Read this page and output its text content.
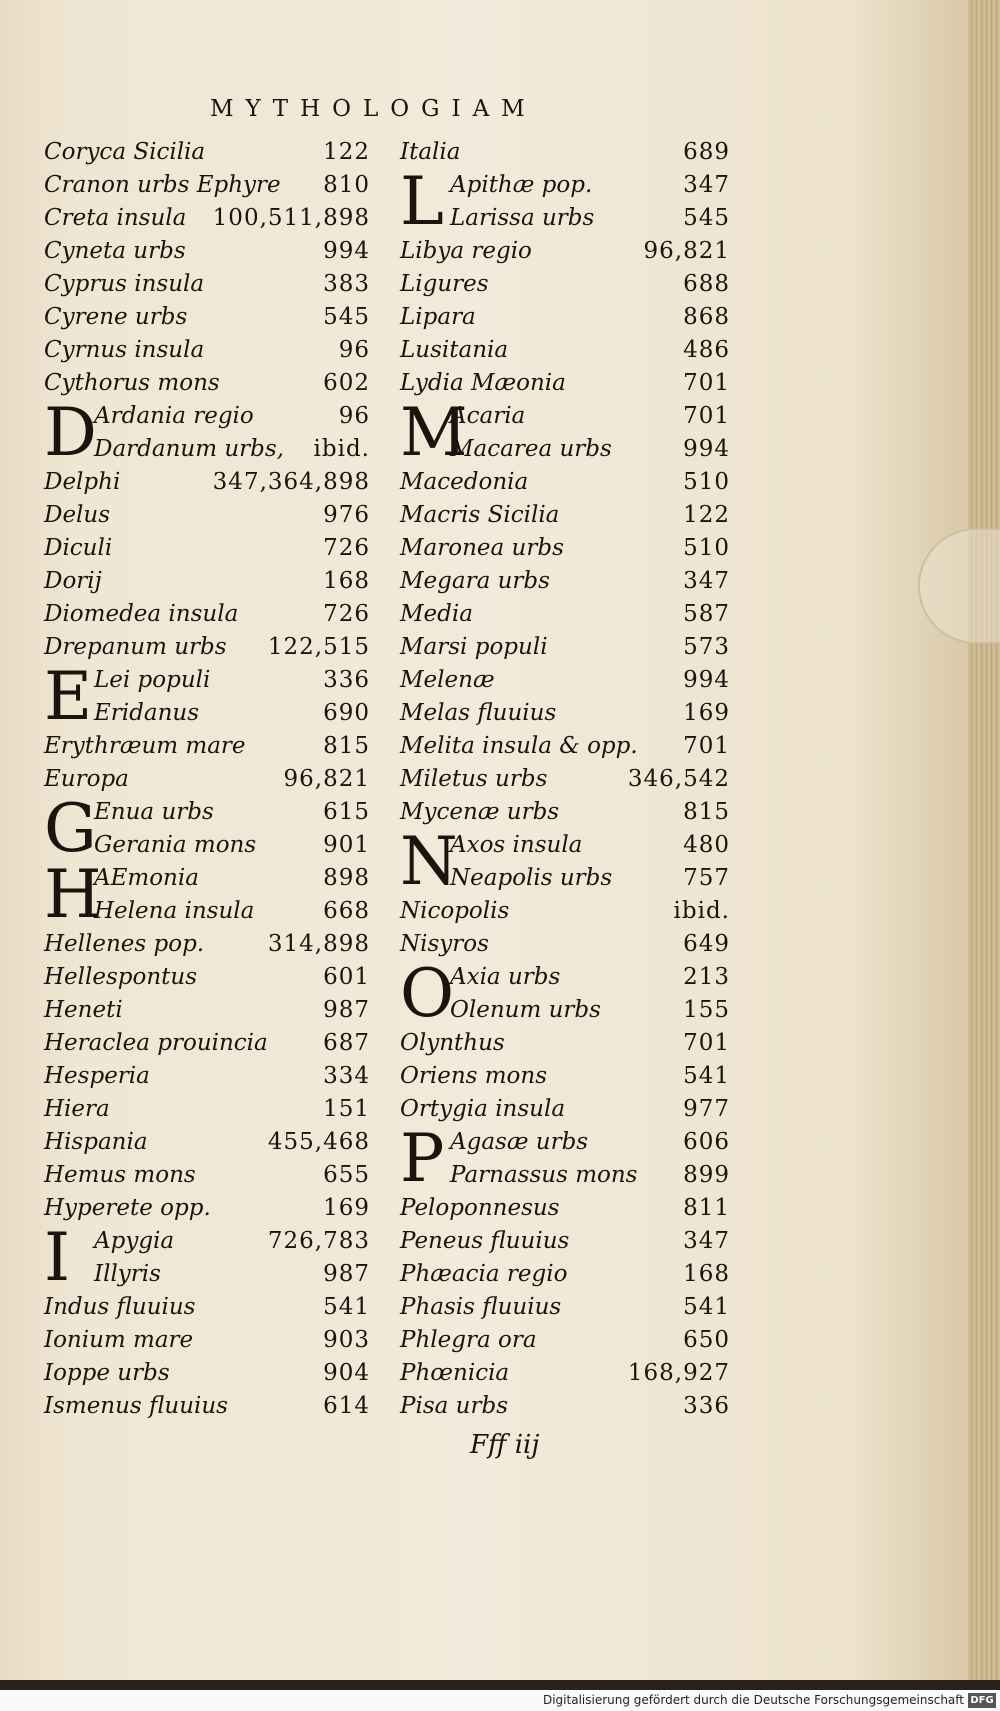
MYTHOLOGIAM
Coryca Sicilia	122
Cranon urbs Ephyre 810
Creta insula 100,511,898
Cyneta urbs	994
Cyprus insula	383
Cyrene urbs	545
Cyrnus insula	96
Cythorus mons	602
D
Ardania regio	96
Dardanum urbs, ibid.
Delphi	347,364,898
Delus	976
Diculi	726
Dorij	168
Diomedea insula	726
Drepanum urbs 122,515
E Lei populi	336
Eridanus	690
Erythræum mare	815
Europa	96,821
G
Enua urbs	615
Gerania mons	901
H
AEmonia	898
Helena insula	668
Hellenes pop.	314,898
Hellespontus	601
Heneti	987
Heraclea prouincia 687
Hesperia	334
Hiera	151
Hispania	455,468
Hemus mons	655
Hyperete opp.	169
I Apygia	726,783
Illyris	987
Indus fluuius	541
Ionium mare	903
Ioppe urbs	904
Ismenus fluuius	614
Italia	689
L Apithæ pop.	347
Larissa urbs	545
Libya regio	96,821
Ligures	688
Lipara	868
Lusitania	486
Lydia Mæonia	701
M
Acaria	701
Macarea urbs	994
Macedonia	510
Macris Sicilia	122
Maronea urbs	510
Megara urbs	347
Media	587
Marsi populi	573
Melenæ	994
Melas fluuius	169
Melita insula & opp. 701
Miletus urbs	346,542
Mycenæ urbs	815
N
Axos insula	480
Neapolis urbs	757
Nicopolis	ibid.
Nisyros	649
O
Axia urbs	213
Olenum urbs	155
Olynthus	701
Oriens mons	541
Ortygia insula	977
P Agasæ urbs	606
Parnassus mons 899
Peloponnesus	811
Peneus fluuius	347
Phæacia regio	168
Phasis fluuius	541
Phlegra ora	650
Phœnicia	168,927
Pisa urbs	336
Fff iij
Digitalisierung gefördert durch die Deutsche Forschungsgemeinschaft DFG
